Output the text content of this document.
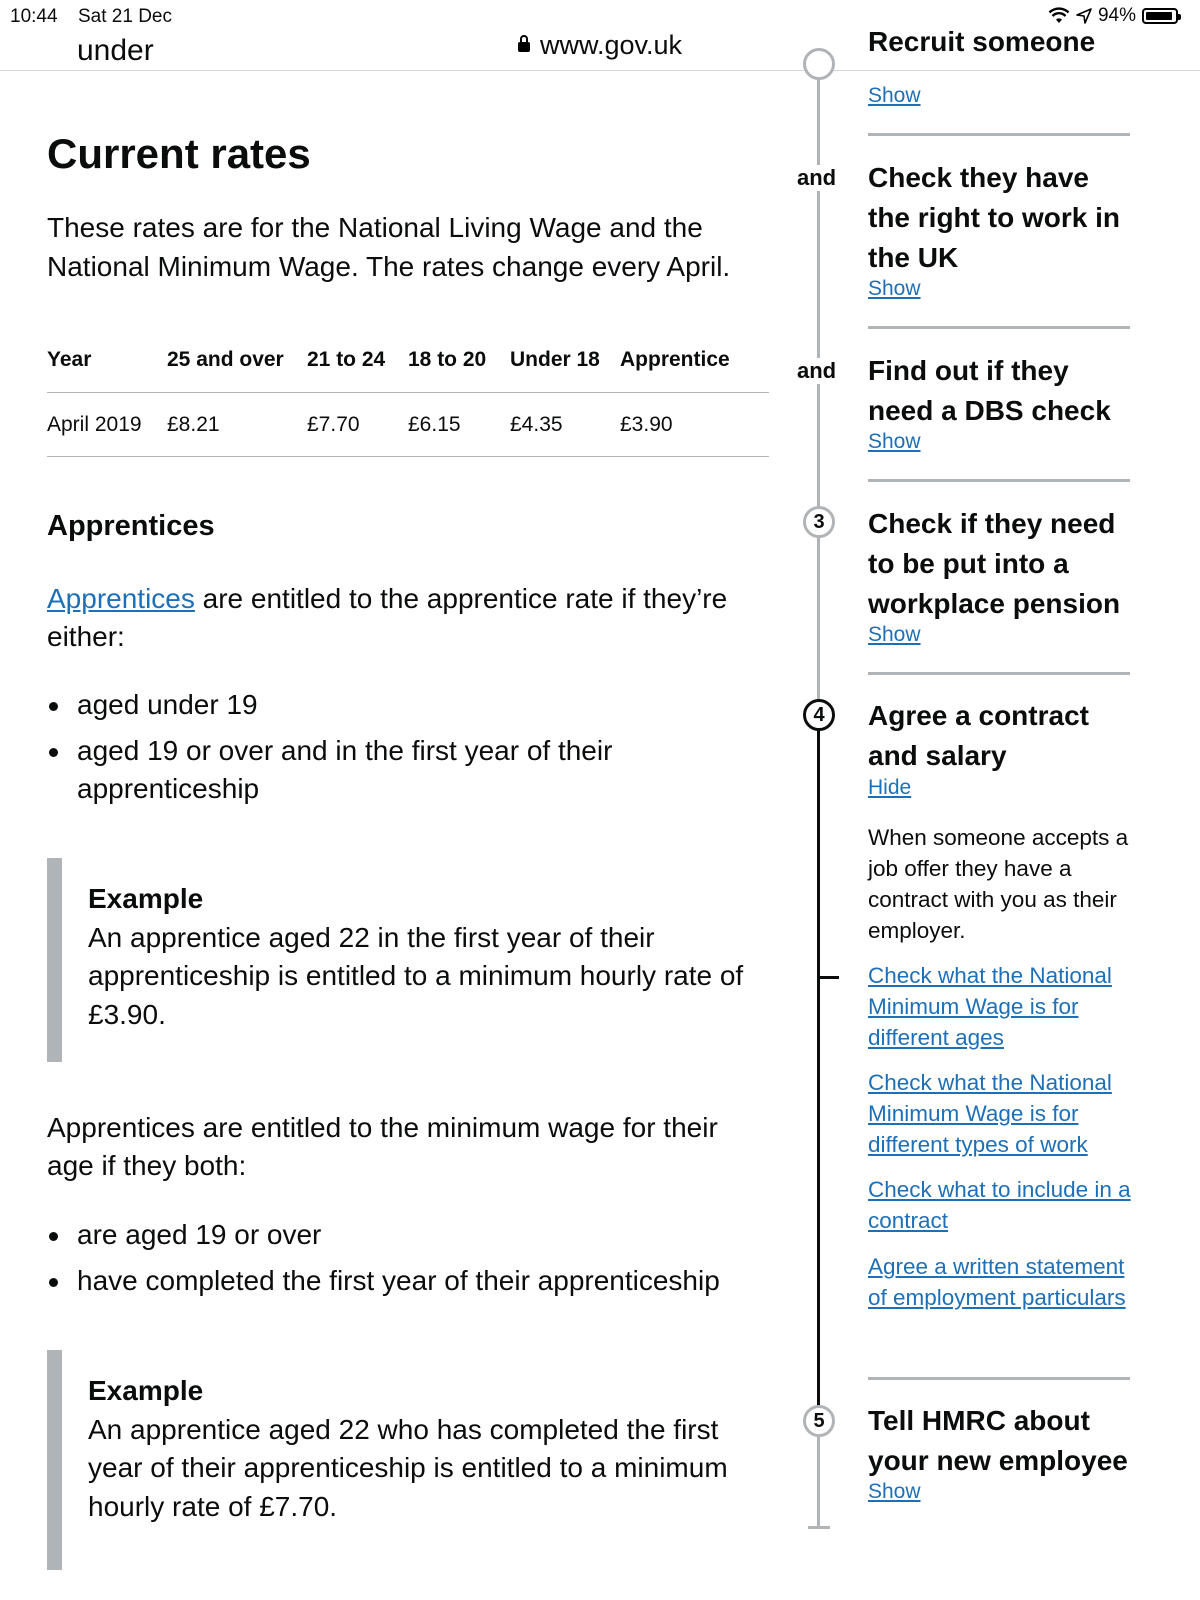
10:44 Sat 21 Dec	94%
www.gov.uk
under
Current rates

These rates are for the National Living Wage and the National Minimum Wage. The rates change every April.

Year	25 and over	21 to 24	18 to 20	Under 18	Apprentice
April 2019	£8.21	£7.70	£6.15	£4.35	£3.90
Apprentices

Apprentices are entitled to the apprentice rate if they’re either:

aged under 19
aged 19 or over and in the first year of their apprenticeship
Example
An apprentice aged 22 in the first year of their apprenticeship is entitled to a minimum hourly rate of £3.90.

Apprentices are entitled to the minimum wage for their age if they both:

are aged 19 or over
have completed the first year of their apprenticeship
Example
An apprentice aged 22 who has completed the first year of their apprenticeship is entitled to a minimum hourly rate of £7.70.
Recruit someone
Show
and Check they have the right to work in the UK
Show
and Find out if they need a DBS check
Show
3	Check if they need to be put into a workplace pension
Show
4	Agree a contract and salary
Hide

When someone accepts a job offer they have a contract with you as their employer.

Check what the National Minimum Wage is for different ages
Check what the National Minimum Wage is for different types of work
Check what to include in a contract
Agree a written statement of employment particulars
5	Tell HMRC about your new employee
Show
